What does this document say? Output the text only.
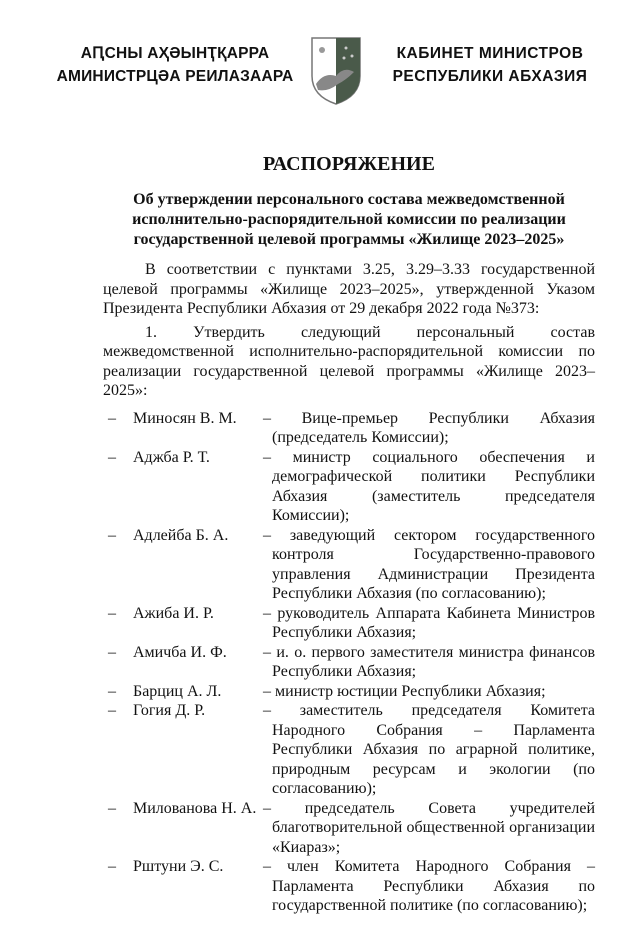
АԤСНЫ АҲӘЫНҬҚАРРА
АМИНИСТРЦӘА РЕИЛАЗААРА
КАБИНЕТ МИНИСТРОВ
РЕСПУБЛИКИ АБХАЗИЯ
РАСПОРЯЖЕНИЕ
Об утверждении персонального состава межведомственной исполнительно-распорядительной комиссии по реализации государственной целевой программы «Жилище 2023–2025»
В соответствии с пунктами 3.25, 3.29–3.33 государственной целевой программы «Жилище 2023–2025», утвержденной Указом Президента Республики Абхазия от 29 декабря 2022 года №373:
1. Утвердить следующий персональный состав межведомственной исполнительно-распорядительной комиссии по реализации государственной целевой программы «Жилище 2023–2025»:
–	Миносян В. М.	– Вице-премьер Республики Абхазия (председатель Комиссии);
–	Аджба Р. Т.	– министр социального обеспечения и демографической политики Республики Абхазия (заместитель председателя Комиссии);
–	Адлейба Б. А.	– заведующий сектором государственного контроля Государственно-правового управления Администрации Президента Республики Абхазия (по согласованию);
–	Ажиба И. Р.	– руководитель Аппарата Кабинета Министров Республики Абхазия;
–	Амичба И. Ф.	– и. о. первого заместителя министра финансов Республики Абхазия;
–	Барциц А. Л.	– министр юстиции Республики Абхазия;
–	Гогия Д. Р.	– заместитель председателя Комитета Народного Собрания – Парламента Республики Абхазия по аграрной политике, природным ресурсам и экологии (по согласованию);
–	Милованова Н. А. – председатель Совета учредителей благотворительной общественной организации «Киараз»;
–	Рштуни Э. С.	– член Комитета Народного Собрания – Парламента Республики Абхазия по государственной политике (по согласованию);
